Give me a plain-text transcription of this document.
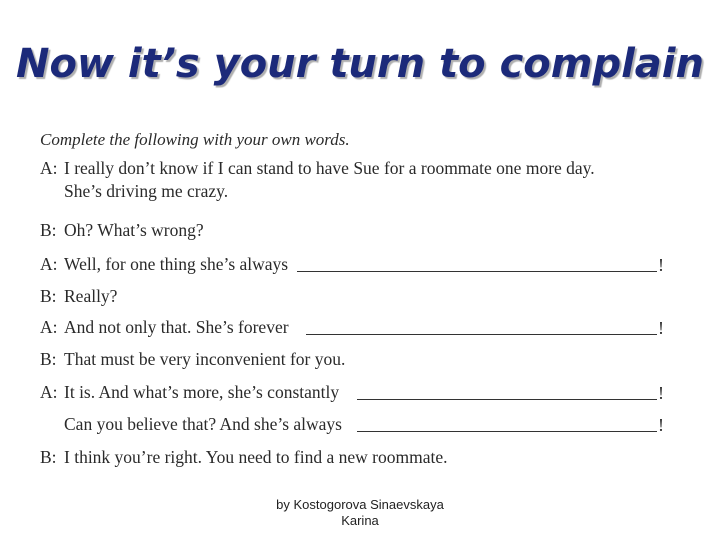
Now it’s your turn to complain
Complete the following with your own words.
A: I really don’t know if I can stand to have Sue for a roommate one more day.
She’s driving me crazy.
B: Oh? What’s wrong?
A: Well, for one thing she’s always	!
B: Really?
A: And not only that. She’s forever	!
B: That must be very inconvenient for you.
A: It is. And what’s more, she’s constantly	!
Can you believe that? And she’s always	!
B: I think you’re right. You need to find a new roommate.
by Kostogorova Sinaevskaya
Karina
